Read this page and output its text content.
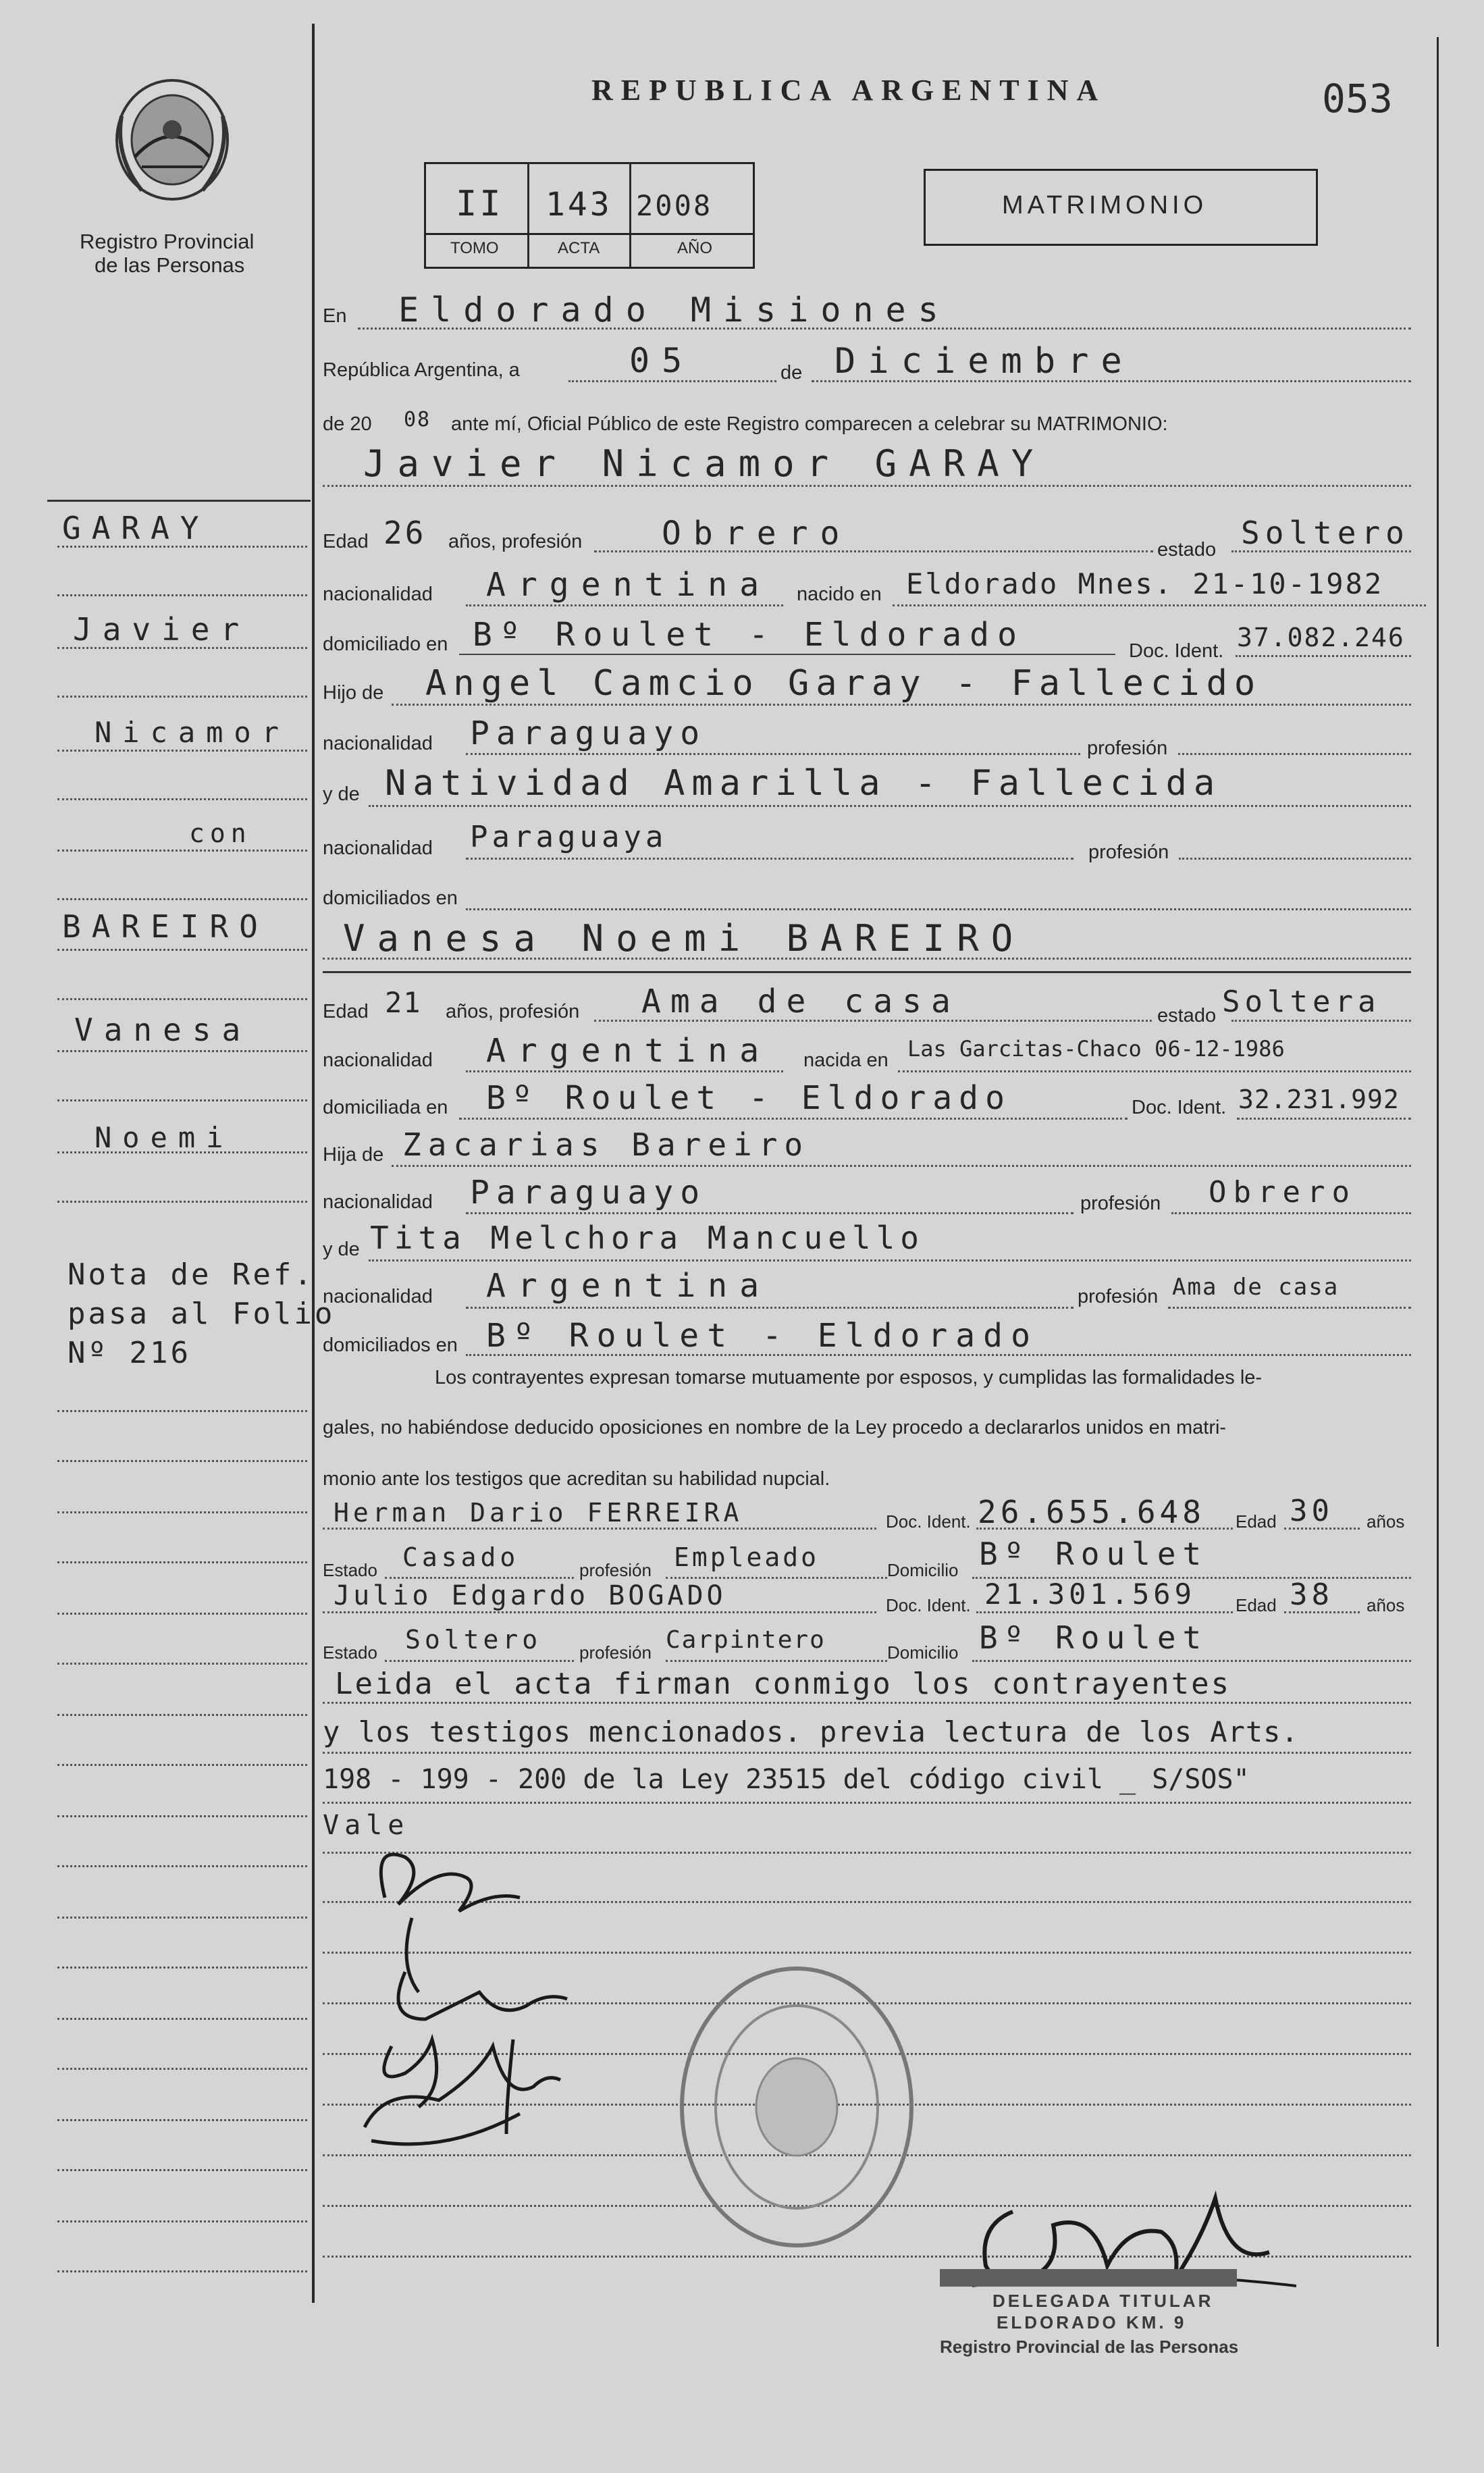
Registro Provincial
de las Personas
REPUBLICA ARGENTINA	053
II 143 2008
TOMO	ACTA	AÑO
MATRIMONIO
GARAY
Javier
Nicamor
con
BAREIRO
Vanesa
Noemi
Nota de Ref.
pasa al Folio
Nº 216
En Eldorado Misiones
República Argentina, a	05	de Diciembre
de 20 08 ante mí, Oficial Público de este Registro comparecen a celebrar su MATRIMONIO:
Javier Nicamor GARAY
Edad 26 años, profesión Obrero	estado Soltero
nacionalidad Argentina nacido en Eldorado Mnes. 21-10-1982
domiciliado en Bº Roulet - Eldorado	Doc. Ident. 37.082.246
Hijo de Angel Camcio Garay - Fallecido
nacionalidad Paraguayo	profesión
y de Natividad Amarilla - Fallecida
nacionalidad Paraguaya	profesión
domiciliados en
Vanesa Noemi BAREIRO
Edad 21 años, profesión Ama de casa	estado Soltera
nacionalidad Argentina nacida en Las Garcitas-Chaco 06-12-1986
domiciliada en Bº Roulet - Eldorado	Doc. Ident. 32.231.992
Hija de Zacarias Bareiro
nacionalidad Paraguayo	profesión Obrero
y de Tita Melchora Mancuello
nacionalidad Argentina	profesión Ama de casa
domiciliados en Bº Roulet - Eldorado
Los contrayentes expresan tomarse mutuamente por esposos, y cumplidas las formalidades le-
gales, no habiéndose deducido oposiciones en nombre de la Ley procedo a declararlos unidos en matri-
monio ante los testigos que acreditan su habilidad nupcial.
Herman Dario FERREIRA	Doc. Ident. 26.655.648 Edad 30 años
Estado Casado	profesión Empleado	Domicilio Bº Roulet
Julio Edgardo BOGADO	Doc. Ident. 21.301.569 Edad 38 años
Estado Soltero profesión Carpintero	Domicilio Bº Roulet
Leida el acta firman conmigo los contrayentes
y los testigos mencionados. previa lectura de los Arts.
198 - 199 - 200 de la Ley 23515 del código civil _ S/SOS"
Vale
DELEGADA TITULAR
ELDORADO KM. 9
Registro Provincial de las Personas
